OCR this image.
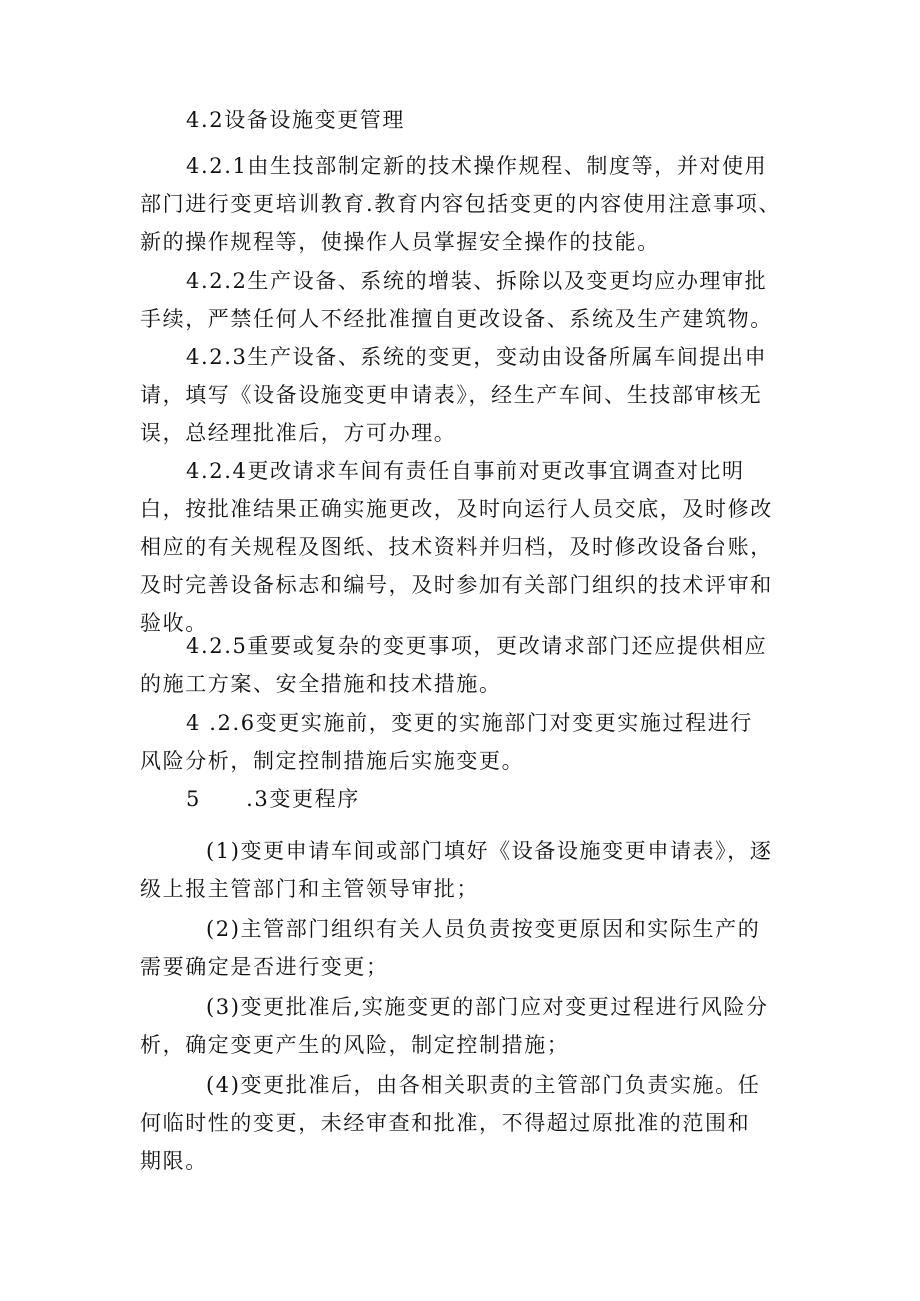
4.2设备设施变更管理

4.2.1由生技部制定新的技术操作规程、制度等，并对使用
部门进行变更培训教育.教育内容包括变更的内容使用注意事项、
新的操作规程等，使操作人员掌握安全操作的技能。

4.2.2生产设备、系统的增装、拆除以及变更均应办理审批
手续，严禁任何人不经批准擅自更改设备、系统及生产建筑物。

4.2.3生产设备、系统的变更，变动由设备所属车间提出申
请，填写《设备设施变更申请表》，经生产车间、生技部审核无
误，总经理批准后，方可办理。

4.2.4更改请求车间有责任自事前对更改事宜调查对比明
白，按批准结果正确实施更改，及时向运行人员交底，及时修改
相应的有关规程及图纸、技术资料并归档，及时修改设备台账，
及时完善设备标志和编号，及时参加有关部门组织的技术评审和
验收。

4.2.5重要或复杂的变更事项，更改请求部门还应提供相应
的施工方案、安全措施和技术措施。

4 .2.6变更实施前，变更的实施部门对变更实施过程进行
风险分析，制定控制措施后实施变更。

5　　.3变更程序

(1)变更申请车间或部门填好《设备设施变更申请表》，逐
级上报主管部门和主管领导审批；

(2)主管部门组织有关人员负责按变更原因和实际生产的
需要确定是否进行变更；

(3)变更批准后,实施变更的部门应对变更过程进行风险分
析，确定变更产生的风险，制定控制措施；

(4)变更批准后，由各相关职责的主管部门负责实施。任
何临时性的变更，未经审查和批准，不得超过原批准的范围和
期限。
